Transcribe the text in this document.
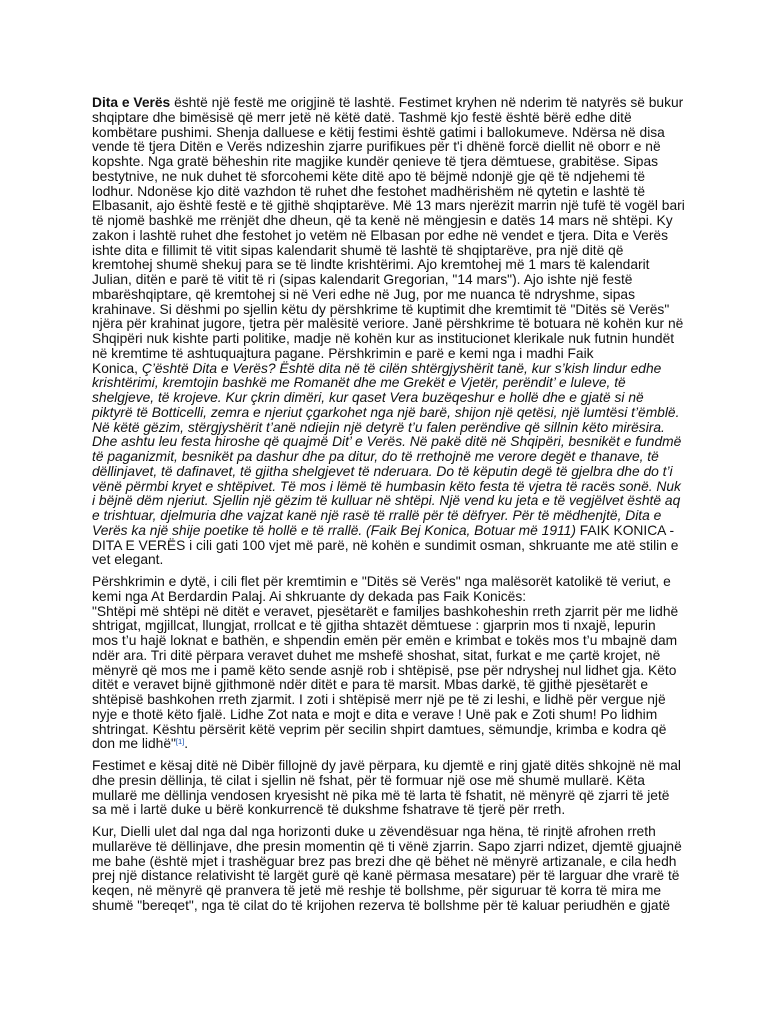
Dita e Verës është një festë me origjinë të lashtë. Festimet kryhen në nderim të natyrës së bukur
shqiptare dhe bimësisë që merr jetë në këtë datë. Tashmë kjo festë është bërë edhe ditë
kombëtare pushimi. Shenja dalluese e këtij festimi është gatimi i ballokumeve. Ndërsa në disa
vende të tjera Ditën e Verës ndizeshin zjarre purifikues për t'i dhënë forcë diellit në oborr e në
kopshte. Nga gratë bëheshin rite magjike kundër qenieve të tjera dëmtuese, grabitëse. Sipas
bestytnive, ne nuk duhet të sforcohemi këte ditë apo të bëjmë ndonjë gje që të ndjehemi të
lodhur. Ndonëse kjo ditë vazhdon të ruhet dhe festohet madhërishëm në qytetin e lashtë të
Elbasanit, ajo është festë e të gjithë shqiptarëve. Më 13 mars njerëzit marrin një tufë të vogël bari
të njomë bashkë me rrënjët dhe dheun, që ta kenë në mëngjesin e datës 14 mars në shtëpi. Ky
zakon i lashtë ruhet dhe festohet jo vetëm në Elbasan por edhe në vendet e tjera. Dita e Verës
ishte dita e fillimit të vitit sipas kalendarit shumë të lashtë të shqiptarëve, pra një ditë që
kremtohej shumë shekuj para se të lindte krishtërimi. Ajo kremtohej më 1 mars të kalendarit
Julian, ditën e parë të vitit të ri (sipas kalendarit Gregorian, "14 mars"). Ajo ishte një festë
mbarëshqiptare, që kremtohej si në Veri edhe në Jug, por me nuanca të ndryshme, sipas
krahinave. Si dëshmi po sjellin këtu dy përshkrime të kuptimit dhe kremtimit të "Ditës së Verës"
njëra për krahinat jugore, tjetra për malësitë veriore. Janë përshkrime të botuara në kohën kur në
Shqipëri nuk kishte parti politike, madje në kohën kur as institucionet klerikale nuk futnin hundët
në kremtime të ashtuquajtura pagane. Përshkrimin e parë e kemi nga i madhi Faik
Konica, Ç’është Dita e Verës? Është dita në të cilën shtërgjyshërit tanë, kur s’kish lindur edhe
krishtërimi, kremtojin bashkë me Romanët dhe me Grekët e Vjetër, perëndit’ e luleve, të
shelgjeve, të krojeve. Kur çkrin dimëri, kur qaset Vera buzëqeshur e hollë dhe e gjatë si në
piktyrë të Botticelli, zemra e njeriut çgarkohet nga një barë, shijon një qetësi, një lumtësi t’ëmblë.
Në këtë gëzim, stërgjyshërit t’anë ndiejin një detyrë t’u falen perëndive që sillnin këto mirësira.
Dhe ashtu leu festa hiroshe që quajmë Dit’ e Verës. Në pakë ditë në Shqipëri, besnikët e fundmë
të paganizmit, besnikët pa dashur dhe pa ditur, do të rrethojnë me verore degët e thanave, të
dëllinjavet, të dafinavet, të gjitha shelgjevet të nderuara. Do të këputin degë të gjelbra dhe do t’i
vënë përmbi kryet e shtëpivet. Të mos i lëmë të humbasin këto festa të vjetra të racës sonë. Nuk
i bëjnë dëm njeriut. Sjellin një gëzim të kulluar në shtëpi. Një vend ku jeta e të vegjëlvet është aq
e trishtuar, djelmuria dhe vajzat kanë një rasë të rrallë për të dëfryer. Për të mëdhenjtë, Dita e
Verës ka një shije poetike të hollë e të rrallë. (Faik Bej Konica, Botuar më 1911) FAIK KONICA -
DITA E VERËS i cili gati 100 vjet më parë, në kohën e sundimit osman, shkruante me atë stilin e
vet elegant.
Përshkrimin e dytë, i cili flet për kremtimin e "Ditës së Verës" nga malësorët katolikë të veriut, e
kemi nga At Berdardin Palaj. Ai shkruante dy dekada pas Faik Konicës:
"Shtëpi më shtëpi në ditët e veravet, pjesëtarët e familjes bashkoheshin rreth zjarrit për me lidhë
shtrigat, mgjillcat, llungjat, rrollcat e të gjitha shtazët dëmtuese : gjarprin mos ti nxajë, lepurin
mos t’u hajë loknat e bathën, e shpendin emën për emën e krimbat e tokës mos t’u mbajnë dam
ndër ara. Tri ditë përpara veravet duhet me mshefë shoshat, sitat, furkat e me çartë krojet, në
mënyrë që mos me i pamë këto sende asnjë rob i shtëpisë, pse për ndryshej nul lidhet gja. Këto
ditët e veravet bijnë gjithmonë ndër ditët e para të marsit. Mbas darkë, të gjithë pjesëtarët e
shtëpisë bashkohen rreth zjarmit. I zoti i shtëpisë merr një pe të zi leshi, e lidhë për vergue një
nyje e thotë këto fjalë. Lidhe Zot nata e mojt e dita e verave ! Unë pak e Zoti shum! Po lidhim
shtringat. Kështu përsërit këtë veprim për secilin shpirt damtues, sëmundje, krimba e kodra që
don me lidhë"[1].
Festimet e kësaj ditë në Dibër fillojnë dy javë përpara, ku djemtë e rinj gjatë ditës shkojnë në mal
dhe presin dëllinja, të cilat i sjellin në fshat, për të formuar një ose më shumë mullarë. Këta
mullarë me dëllinja vendosen kryesisht në pika më të larta të fshatit, në mënyrë që zjarri të jetë
sa më i lartë duke u bërë konkurrencë të dukshme fshatrave të tjerë për rreth.
Kur, Dielli ulet dal nga dal nga horizonti duke u zëvendësuar nga hëna, të rinjtë afrohen rreth
mullarëve të dëllinjave, dhe presin momentin që ti vënë zjarrin. Sapo zjarri ndizet, djemtë gjuajnë
me bahe (është mjet i trashëguar brez pas brezi dhe që bëhet në mënyrë artizanale, e cila hedh
prej një distance relativisht të largët gurë që kanë përmasa mesatare) për të larguar dhe vrarë të
keqen, në mënyrë që pranvera të jetë më reshje të bollshme, për siguruar të korra të mira me
shumë "bereqet", nga të cilat do të krijohen rezerva të bollshme për të kaluar periudhën e gjatë
